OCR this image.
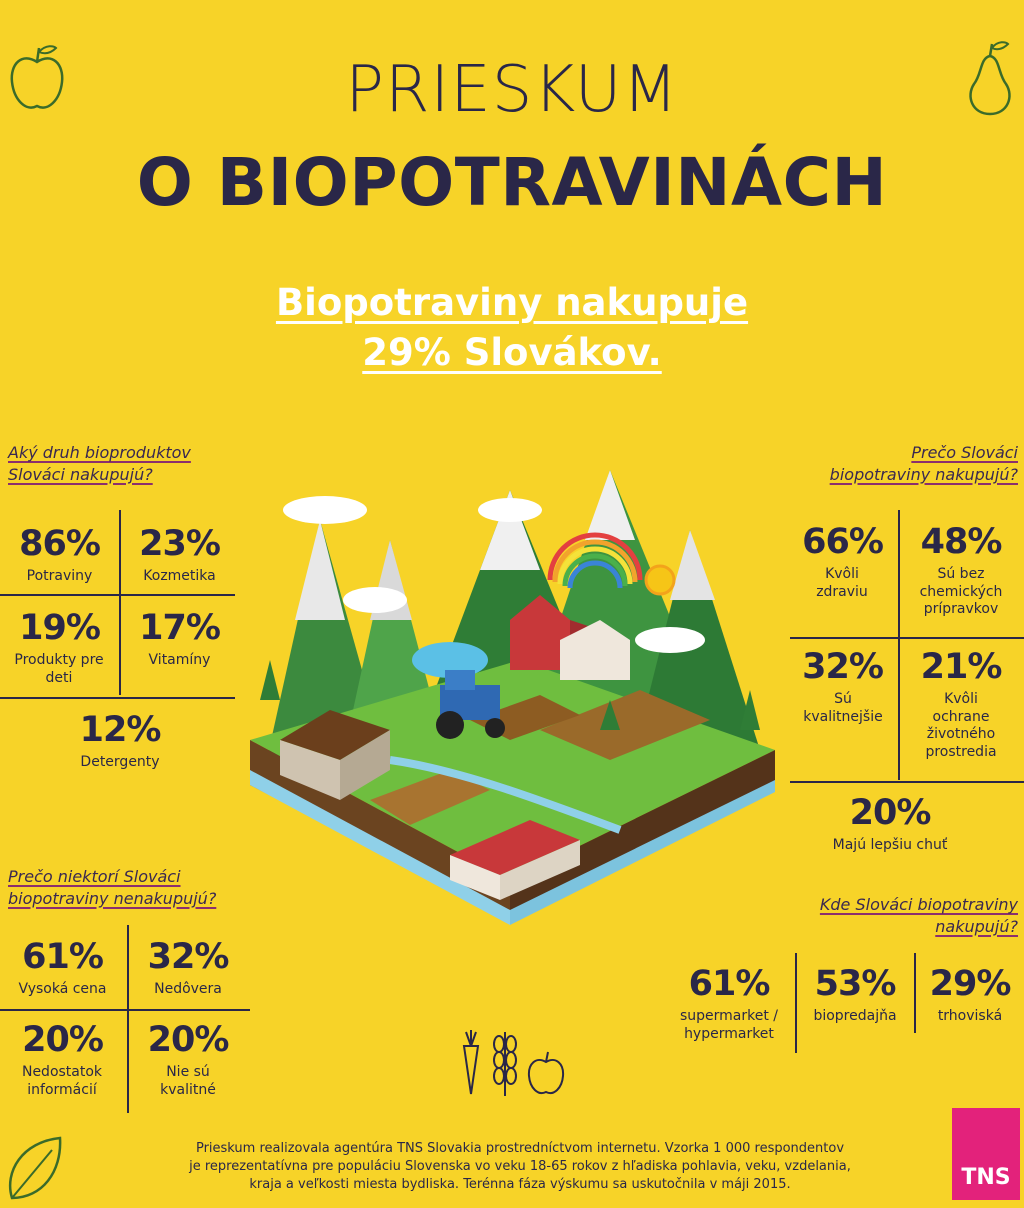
PRIESKUM
O BIOPOTRAVINÁCH
Biopotraviny nakupuje
29% Slovákov.
Aký druh bioproduktov
Slováci nakupujú?
86%
Potraviny
23%
Kozmetika
19%
Produkty pre deti
17%
Vitamíny
12%
Detergenty
Prečo niektorí Slováci
biopotraviny nenakupujú?
61%
Vysoká cena
32%
Nedôvera
20%
Nedostatok informácií
20%
Nie sú kvalitné
Prečo Slováci
biopotraviny nakupujú?
66%
Kvôli zdraviu
48%
Sú bez chemických prípravkov
32%
Sú kvalitnejšie
21%
Kvôli ochrane životného prostredia
20%
Majú lepšiu chuť
Kde Slováci biopotraviny
nakupujú?
61%
supermarket / hypermarket
53%
biopredajňa
29%
trhoviská
Prieskum realizovala agentúra TNS Slovakia prostredníctvom internetu. Vzorka 1 000 respondentov
je reprezentatívna pre populáciu Slovenska vo veku 18-65 rokov z hľadiska pohlavia, veku, vzdelania,
kraja a veľkosti miesta bydliska. Terénna fáza výskumu sa uskutočnila v máji 2015.	TNS
